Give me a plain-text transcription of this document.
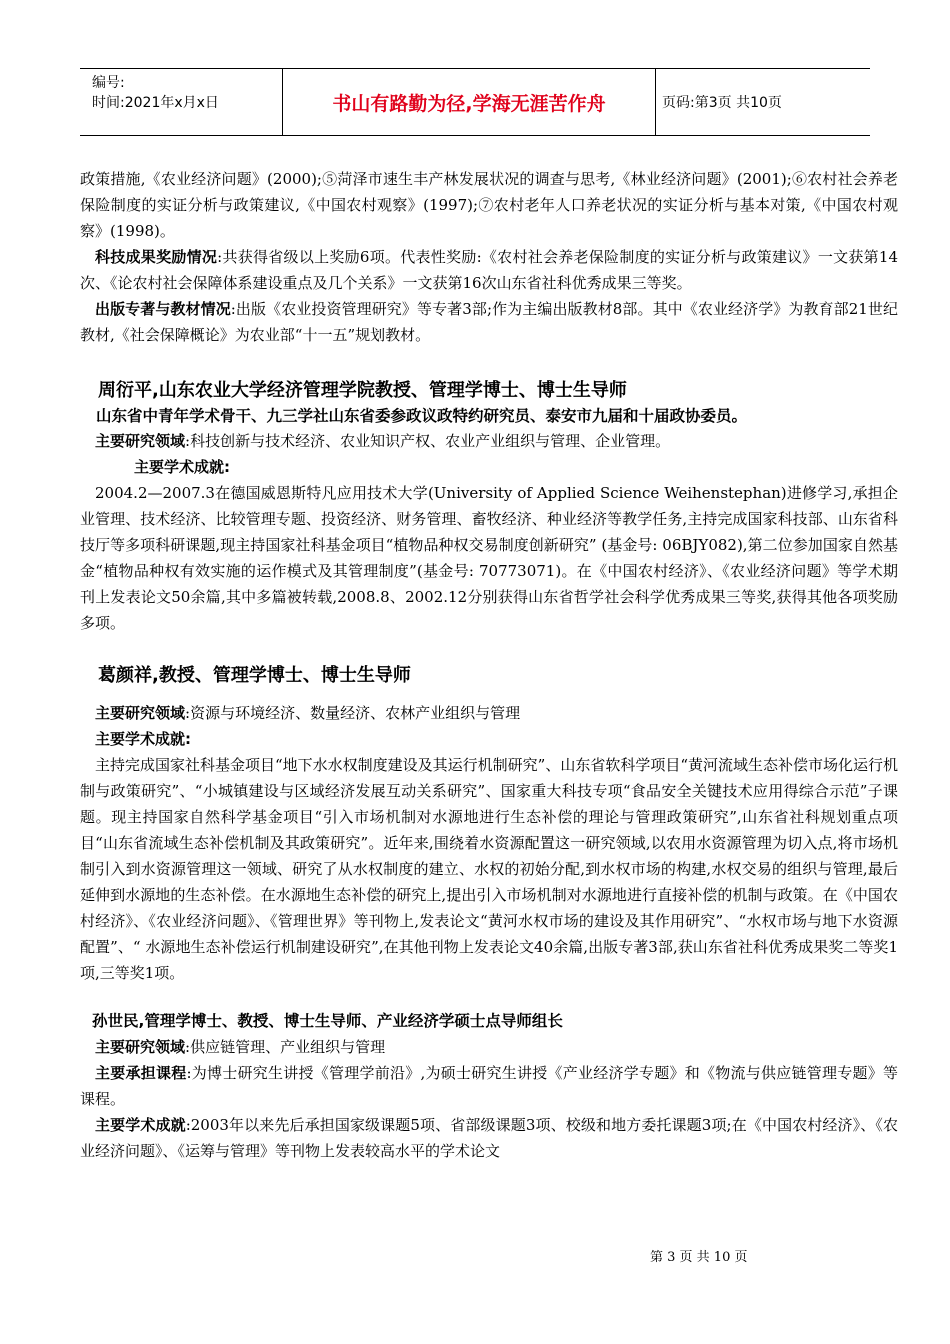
编号:
时间:2021年x月x日	书山有路勤为径,学海无涯苦作舟	页码:第3页 共10页

政策措施,《农业经济问题》(2000);⑤菏泽市速生丰产林发展状况的调查与思考,《林业经济问题》(2001);⑥农村社会养老保险制度的实证分析与政策建议,《中国农村观察》(1997);⑦农村老年人口养老状况的实证分析与基本对策,《中国农村观察》(1998)。

科技成果奖励情况:共获得省级以上奖励6项。代表性奖励:《农村社会养老保险制度的实证分析与政策建议》一文获第14次、《论农村社会保障体系建设重点及几个关系》一文获第16次山东省社科优秀成果三等奖。

出版专著与教材情况:出版《农业投资管理研究》等专著3部;作为主编出版教材8部。其中《农业经济学》为教育部21世纪教材,《社会保障概论》为农业部“十一五”规划教材。

周衍平,山东农业大学经济管理学院教授、管理学博士、博士生导师

山东省中青年学术骨干、九三学社山东省委参政议政特约研究员、泰安市九届和十届政协委员。

主要研究领域:科技创新与技术经济、农业知识产权、农业产业组织与管理、企业管理。

主要学术成就:

2004.2—2007.3在德国威恩斯特凡应用技术大学(University of Applied Science Weihenstephan)进修学习,承担企业管理、技术经济、比较管理专题、投资经济、财务管理、畜牧经济、种业经济等教学任务,主持完成国家科技部、山东省科技厅等多项科研课题,现主持国家社科基金项目“植物品种权交易制度创新研究” (基金号: 06BJY082),第二位参加国家自然基金“植物品种权有效实施的运作模式及其管理制度”(基金号: 70773071)。在《中国农村经济》、《农业经济问题》等学术期刊上发表论文50余篇,其中多篇被转载,2008.8、2002.12分别获得山东省哲学社会科学优秀成果三等奖,获得其他各项奖励多项。

葛颜祥,教授、管理学博士、博士生导师

主要研究领域:资源与环境经济、数量经济、农林产业组织与管理

主要学术成就:

主持完成国家社科基金项目“地下水水权制度建设及其运行机制研究”、山东省软科学项目“黄河流域生态补偿市场化运行机制与政策研究”、“小城镇建设与区域经济发展互动关系研究”、国家重大科技专项“食品安全关键技术应用得综合示范”子课题。现主持国家自然科学基金项目“引入市场机制对水源地进行生态补偿的理论与管理政策研究”,山东省社科规划重点项目“山东省流域生态补偿机制及其政策研究”。近年来,围绕着水资源配置这一研究领域,以农用水资源管理为切入点,将市场机制引入到水资源管理这一领域、研究了从水权制度的建立、水权的初始分配,到水权市场的构建,水权交易的组织与管理,最后延伸到水源地的生态补偿。在水源地生态补偿的研究上,提出引入市场机制对水源地进行直接补偿的机制与政策。在《中国农村经济》、《农业经济问题》、《管理世界》等刊物上,发表论文“黄河水权市场的建设及其作用研究”、“水权市场与地下水资源配置”、“ 水源地生态补偿运行机制建设研究”,在其他刊物上发表论文40余篇,出版专著3部,获山东省社科优秀成果奖二等奖1项,三等奖1项。

孙世民,管理学博士、教授、博士生导师、产业经济学硕士点导师组长

主要研究领域:供应链管理、产业组织与管理

主要承担课程:为博士研究生讲授《管理学前沿》,为硕士研究生讲授《产业经济学专题》和《物流与供应链管理专题》等课程。

主要学术成就:2003年以来先后承担国家级课题5项、省部级课题3项、校级和地方委托课题3项;在《中国农村经济》、《农业经济问题》、《运筹与管理》等刊物上发表较高水平的学术论文

第 3 页 共 10 页
